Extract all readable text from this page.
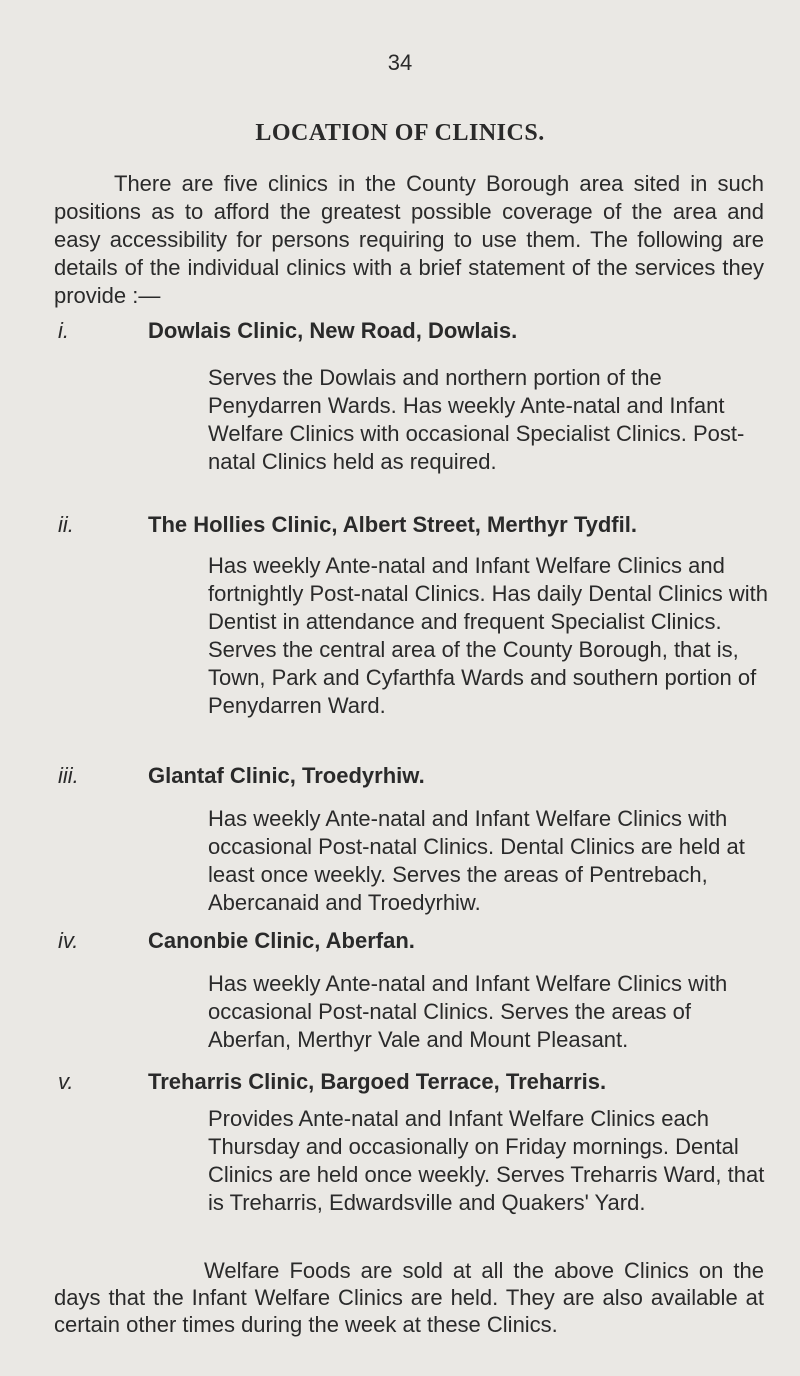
34
LOCATION OF CLINICS.

There are five clinics in the County Borough area sited in such positions as to afford the greatest possible coverage of the area and easy accessibility for persons requiring to use them. The following are details of the individual clinics with a brief statement of the services they provide :—

i.	Dowlais Clinic, New Road, Dowlais.
Serves the Dowlais and northern portion of the Penydarren Wards. Has weekly Ante-natal and Infant Welfare Clinics with occasional Specialist Clinics. Post-natal Clinics held as required.
ii.	The Hollies Clinic, Albert Street, Merthyr Tydfil.
Has weekly Ante-natal and Infant Welfare Clinics and fortnightly Post-natal Clinics. Has daily Dental Clinics with Dentist in attendance and frequent Specialist Clinics. Serves the central area of the County Borough, that is, Town, Park and Cyfarthfa Wards and southern portion of Penydarren Ward.
iii.	Glantaf Clinic, Troedyrhiw.
Has weekly Ante-natal and Infant Welfare Clinics with occasional Post-natal Clinics. Dental Clinics are held at least once weekly. Serves the areas of Pentrebach, Abercanaid and Troedyrhiw.
iv.	Canonbie Clinic, Aberfan.
Has weekly Ante-natal and Infant Welfare Clinics with occasional Post-natal Clinics. Serves the areas of Aberfan, Merthyr Vale and Mount Pleasant.
v.	Treharris Clinic, Bargoed Terrace, Treharris.
Provides Ante-natal and Infant Welfare Clinics each Thursday and occasionally on Friday mornings. Dental Clinics are held once weekly. Serves Treharris Ward, that is Treharris, Edwardsville and Quakers' Yard.

Welfare Foods are sold at all the above Clinics on the days that the Infant Welfare Clinics are held. They are also available at certain other times during the week at these Clinics.
